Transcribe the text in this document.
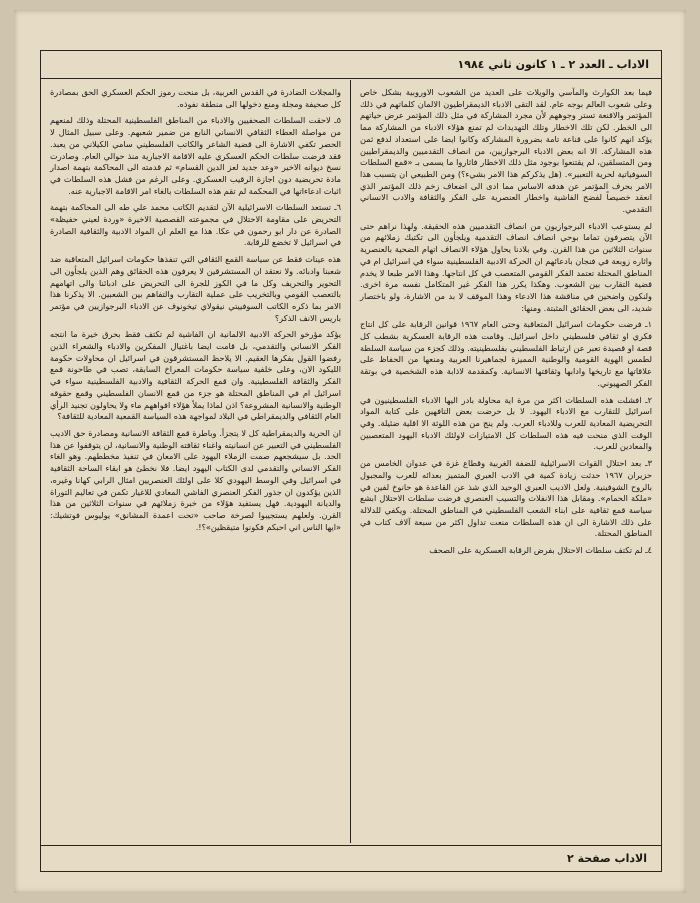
الاداب ـ العدد ٢ ـ ١ كانون ثاني ١٩٨٤

فيما بعد الكوارث والمآسي والويلات على العديد من الشعوب الاوروبية بشكل خاص وعلى شعوب العالم بوجه عام. لقد التقى الادباء الديمقراطيون الالمان كلماتهم في ذلك المؤتمر والاقنعة تستر وجوههم لأن مجرد المشاركة في مثل ذلك المؤتمر عرض حياتهم الى الخطر. لكن تلك الاخطار وتلك التهديدات لم تمنع هؤلاء الادباء من المشاركة مما يؤكد انهم كانوا على قناعة تامة بضرورة المشاركة وكانوا ايضا على استعداد لدفع ثمن هذه المشاركة. الا انه بعض الادباء البرجوازيين، من انصاف التقدميين والديمقراطيين ومن المتسلقين، لم يقتنعوا بوجود مثل ذلك الاخطار فاثاروا ما يسمى بـ «قمع السلطات السوفياتية لحرية التعبير». (هل يذكركم هذا الامر بشيء؟) ومن الطبيعي ان يتسبب هذا الامر بحرف المؤتمر عن هدفه الاساس مما ادى الى اضعاف زخم ذلك المؤتمر الذي انعقد خصيصاً لفضح الفاشية واخطار العنصرية على الفكر والثقافة والادب الانساني التقدمي.

لم يستوعب الادباء البرجوازيون من انصاف التقدميين هذه الحقيقة. ولهذا نراهم حتى الآن يتصرفون تماما بوحي انصاف انصاف التقدمية ويلجأون الى تكتيك زملائهم من سنوات الثلاثين من هذا القرن. وفي بلادنا يحاول هؤلاء الانصاف اتهام الضحية بالعنصرية واثاره زوبعة في فنجان بادعائهم ان الحركة الادبية الفلسطينية سواء في اسرائيل ام في المناطق المحتلة تعتمد الفكر القومي المتعصب في كل انتاجها. وهذا الامر طبعا لا يخدم قضية التقارب بين الشعوب. وهكذا يكرر هذا الفكر غير المتكامل نفسه مرة اخرى. ولنكون واضحين في مناقشة هذا الادعاء وهذا الموقف لا بد من الاشارة، ولو باختصار شديد، الى بعض الحقائق المثبتة. ومنها:

١ـ فرضت حكومات اسرائيل المتعاقبة وحتى العام ١٩٦٧ قوانين الرقابة على كل انتاج فكري او ثقافي فلسطيني داخل اسرائيل. وقامت هذه الرقابة العسكرية بشطب كل قصة او قصيدة تعبر عن ارتباط الفلسطيني بفلسطينيته. وذلك كجزء من سياسة السلطة لطمس الهوية القومية والوطنية المميزة لجماهيرنا العربية ومنعها من الحفاظ على علاقاتها مع تاريخها وادابها وثقافتها الانسانية. وكمقدمة لاذابة هذه الشخصية في بوتقة الفكر الصهيوني.

٢ـ افشلت هذه السلطات اكثر من مرة اية محاولة بادر اليها الادباء الفلسطينيون في اسرائيل للتقارب مع الادباء اليهود. لا بل حرضت بعض التافهين على كتابة المواد التحريضية المعادية للعرب وللادباء العرب. ولم ينج من هذه اللوثة الا اقلية ضئيلة. وفي الوقت الذي منحت فيه هذه السلطات كل الامتيازات لاولئك الادباء اليهود المتعصبين والمعادين للعرب.

٣ـ بعد احتلال القوات الاسرائيلية للضفة الغربية وقطاع غزة في عدوان الخامس من حزيران ١٩٦٧ حدثت زيادة كمية في الادب العبري المتميز بعدائه للعرب والمجبول بالروح الشوفينية. ولعل الاديب العبري الوحيد الذي شذ عن القاعدة هو حانوخ لفين في «ملكة الحمام». ومقابل هذا الانفلات والتسيب العنصري فرضت سلطات الاحتلال ابشع سياسة قمع ثقافية على ابناء الشعب الفلسطيني في المناطق المحتلة. ويكفي للدلالة على ذلك الاشارة الى ان هذه السلطات منعت تداول اكثر من سبعة آلاف كتاب في المناطق المحتلة.

٤ـ لم تكتف سلطات الاحتلال بفرض الرقابة العسكرية على الصحف

والمجلات الضادرة في القدس العربية، بل منحت رموز الحكم العسكري الحق بمصادرة كل صحيفة ومجلة ومنع دخولها الى منطقة نفوذه.

٥ـ لاحقت السلطات الصحفيين والادباء من المناطق الفلسطينية المحتلة وذلك لمنعهم من مواصلة العطاء الثقافي الانساني النابع من ضمير شعبهم. وعلى سبيل المثال لا الحصر تكفي الاشارة الى قضية الشاعر والكاتب الفلسطيني سامي الكيلاني من يعبد. فقد فرضت سلطات الحكم العسكري عليه الاقامة الاجبارية منذ حوالي العام. وصادرت نسخ ديوانه الاخير «وعد جديد لعز الدين القسام» ثم قدمته الى المحاكمة بتهمة اصدار مادة تحريضية دون اجازة الرقيب العسكري. وعلى الرغم من فشل هذه السلطات في اثبات ادعاءاتها في المحكمة لم تقم هذه السلطات بالغاء امر الاقامة الاجبارية عنه.

٦ـ تستعد السلطات الاسرائيلية الآن لتقديم الكاتب محمد علي طه الى المحاكمة بتهمة التحريض على مقاومة الاحتلال في مجموعته القصصية الاخيرة «وردة لعيني حفيظة» الصادرة عن دار ابو رحمون في عكا. هذا مع العلم ان المواد الادبية والثقافية الصادرة في اسرائيل لا تخضع للرقابة.

هذه عينات فقط عن سياسة القمع الثقافي التي تنفذها حكومات اسرائيل المتعاقبة ضد شعبنا وادبائه. ولا نعتقد ان المستشرقين لا يعرفون هذه الحقائق وهم الذين يلجأون الى التحوير والتحريف وكل ما في الكوز للجرة الى التحريض على ادبائنا والى اتهامهم بالتعصب القومي وبالتخريب على عملية التقارب والتفاهم بين الشعبين. الا يذكرنا هذا الامر بما ذكره الكاتب السوفييتي نيقولاي تيخونوف عن الادباء البرجوازيين في مؤتمر باريس الانف الذكر؟

يؤكد مؤرخو الحركة الادبية الالمانية ان الفاشية لم تكتف فقط بحرق خيرة ما انتجه الفكر الانساني والتقدمي، بل قامت ايضا باغتيال المفكرين والادباء والشعراء الذين رفضوا القول بفكرها العقيم. الا يلاحظ المستشرقون في اسرائيل ان محاولات حكومة الليكود الان، وعلى خلفية سياسة حكومات المعراخ السابقة، تصب في طاحونة قمع الفكر والثقافة الفلسطينية. وان قمع الحركة الثقافية والادبية الفلسطينية سواء في اسرائيل ام في المناطق المحتلة هو جزء من قمع الانسان الفلسطيني وقمع حقوقه الوطنية والانسانية المشروعة؟ اذن لماذا يملأ هؤلاء افواههم ماء ولا يحاولون تجنيد الرأي العام الثقافي والديمقراطي في البلاد لمواجهة هذه السياسة القمعية المعادية للثقافة؟

ان الحرية والديمقراطية كل لا يتجزأ. وباطرة قمع الثقافة الانسانية ومصادرة حق الاديب الفلسطيني في التعبير عن انسانيته واغناء ثقافته الوطنية والانسانية، لن يتوقفوا عن هذا الحد. بل سيشجعهم صمت الزملاء اليهود على الامعان في تنفيذ مخططهم. وهو الغاء الفكر الانساني والتقدمي لدى الكتاب اليهود ايضا. فلا نخطئ هو ابقاء الساحة الثقافية في اسرائيل وفي الوسط اليهودي كلا على اولئك العنصريين امثال الرابي كهانا وغيره، الذين يؤكدون ان جذور الفكر العنصري الفاشي المعادي للاغيار تكمن في تعاليم التوراة والديانة اليهودية. فهل يستفيد هؤلاء من خبرة زملائهم في سنوات الثلاثين من هذا القرن. ولعلهم يستجيبوا لصرخة صاحب «تحت اعمدة المشانق» يوليوس فوتشيك: «ايها الناس اني احبكم فكونوا متيقظين»؟!.

الاداب صفحة ٢
